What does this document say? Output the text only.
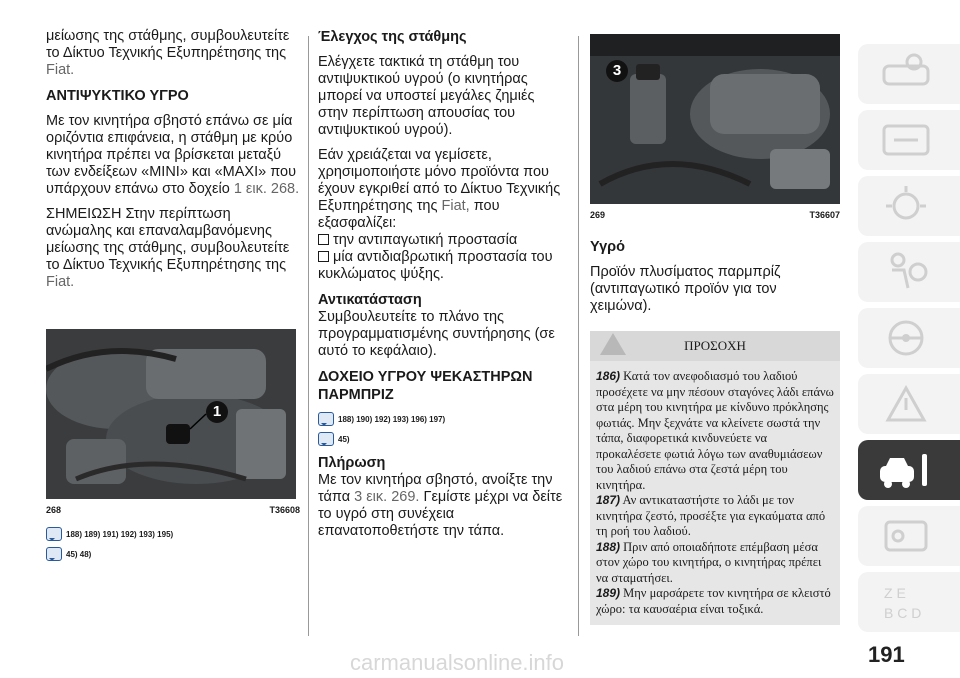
μείωσης της στάθμης, συμβουλευτείτε το Δίκτυο Τεχνικής Εξυπηρέτησης της Fiat.

ΑΝΤΙΨΥΚΤΙΚΟ ΥΓΡΟ

Με τον κινητήρα σβηστό επάνω σε μία οριζόντια επιφάνεια, η στάθμη με κρύο κινητήρα πρέπει να βρίσκεται μεταξύ των ενδείξεων «MINI» και «MAXI» που υπάρχουν επάνω στο δοχείο 1 εικ. 268.

ΣΗΜΕΙΩΣΗ Στην περίπτωση ανώμαλης και επαναλαμβανόμενης μείωσης της στάθμης, συμβουλευτείτε το Δίκτυο Τεχνικής Εξυπηρέτησης της Fiat.

1
268	T36608
188) 189) 191) 192) 193) 195)
45) 48)
Έλεγχος της στάθμης

Ελέγχετε τακτικά τη στάθμη του αντιψυκτικού υγρού (ο κινητήρας μπορεί να υποστεί μεγάλες ζημιές στην περίπτωση απουσίας του αντιψυκτικού υγρού).

Εάν χρειάζεται να γεμίσετε, χρησιμοποιήστε μόνο προϊόντα που έχουν εγκριθεί από το Δίκτυο Τεχνικής Εξυπηρέτησης της Fiat, που εξασφαλίζει:

την αντιπαγωτική προστασία

μία αντιδιαβρωτική προστασία του κυκλώματος ψύξης.

Αντικατάσταση

Συμβουλευτείτε το πλάνο της προγραμματισμένης συντήρησης (σε αυτό το κεφάλαιο).

ΔΟΧΕΙΟ ΥΓΡΟΥ ΨΕΚΑΣΤΗΡΩΝ ΠΑΡΜΠΡΙΖ
188) 190) 192) 193) 196) 197)
45)
Πλήρωση

Με τον κινητήρα σβηστό, ανοίξτε την τάπα 3 εικ. 269. Γεμίστε μέχρι να δείτε το υγρό στη συνέχεια επανατοποθετήστε την τάπα.

3
269	T36607
Υγρό

Προϊόν πλυσίματος παρμπρίζ (αντιπαγωτικό προϊόν για τον χειμώνα).

ΠΡΟΣΟΧΗ

186) Κατά τον ανεφοδιασμό του λαδιού προσέχετε να μην πέσουν σταγόνες λάδι επάνω στα μέρη του κινητήρα με κίνδυνο πρόκλησης φωτιάς. Μην ξεχνάτε να κλείνετε σωστά την τάπα, διαφορετικά κινδυνεύετε να προκαλέσετε φωτιά λόγω των αναθυμιάσεων του λαδιού επάνω στα ζεστά μέρη του κινητήρα.

187) Αν αντικαταστήστε το λάδι με τον κινητήρα ζεστό, προσέξτε για εγκαύματα από τη ροή του λαδιού.

188) Πριν από οποιαδήποτε επέμβαση μέσα στον χώρο του κινητήρα, ο κινητήρας πρέπει να σταματήσει.

189) Μην μαρσάρετε τον κινητήρα σε κλειστό χώρο: τα καυσαέρια είναι τοξικά.

Z E
B C D
191
carmanualsonline.info
